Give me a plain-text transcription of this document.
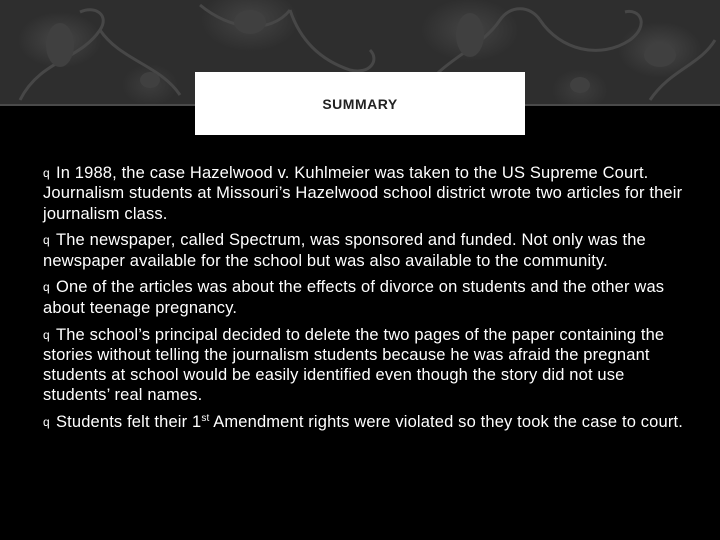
SUMMARY

q In 1988, the case Hazelwood v. Kuhlmeier was taken to the US Supreme Court. Journalism students at Missouri’s Hazelwood school district wrote two articles for their journalism class.

q The newspaper, called Spectrum, was sponsored and funded. Not only was the newspaper available for the school but was also available to the community.

q One of the articles was about the effects of divorce on students and the other was about teenage pregnancy.

q The school’s principal decided to delete the two pages of the paper containing the stories without telling the journalism students because he was afraid the pregnant students at school would be easily identified even though the story did not use students’ real names.

q Students felt their 1st Amendment rights were violated so they took the case to court.
